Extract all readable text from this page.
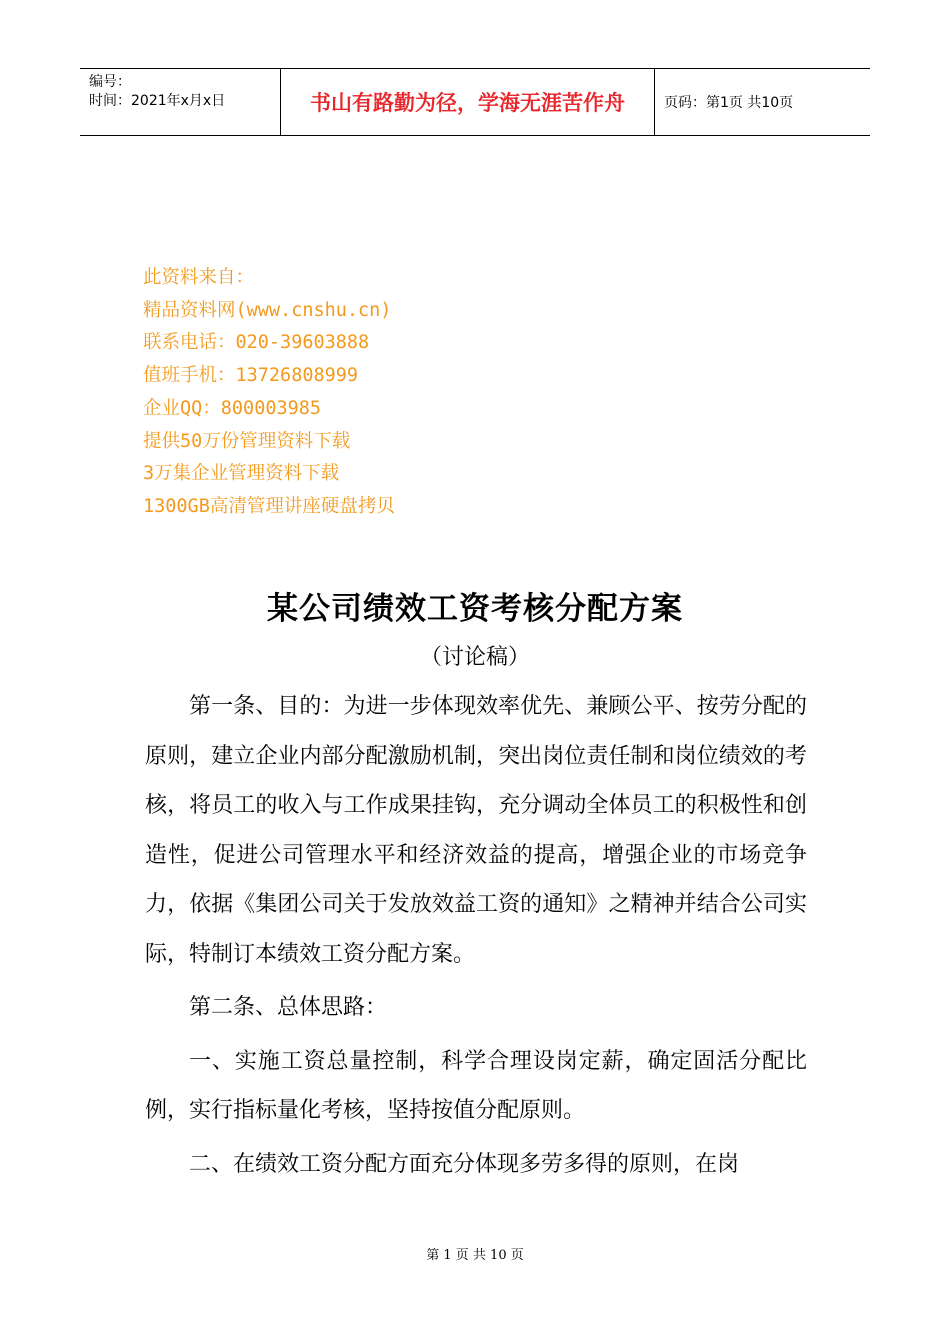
编号：
时间：2021年x月x日	书山有路勤为径，学海无涯苦作舟	页码：第1页 共10页
此资料来自：
精品资料网(www.cnshu.cn)
联系电话：020-39603888
值班手机：13726808999
企业QQ：800003985
提供50万份管理资料下载
3万集企业管理资料下载
1300GB高清管理讲座硬盘拷贝
某公司绩效工资考核分配方案
（讨论稿）

第一条、目的：为进一步体现效率优先、兼顾公平、按劳分配的原则，建立企业内部分配激励机制，突出岗位责任制和岗位绩效的考核，将员工的收入与工作成果挂钩，充分调动全体员工的积极性和创造性，促进公司管理水平和经济效益的提高，增强企业的市场竞争力，依据《集团公司关于发放效益工资的通知》之精神并结合公司实际，特制订本绩效工资分配方案。

第二条、总体思路：

一、实施工资总量控制，科学合理设岗定薪，确定固活分配比例，实行指标量化考核，坚持按值分配原则。

二、在绩效工资分配方面充分体现多劳多得的原则，在岗

第 1 页 共 10 页
